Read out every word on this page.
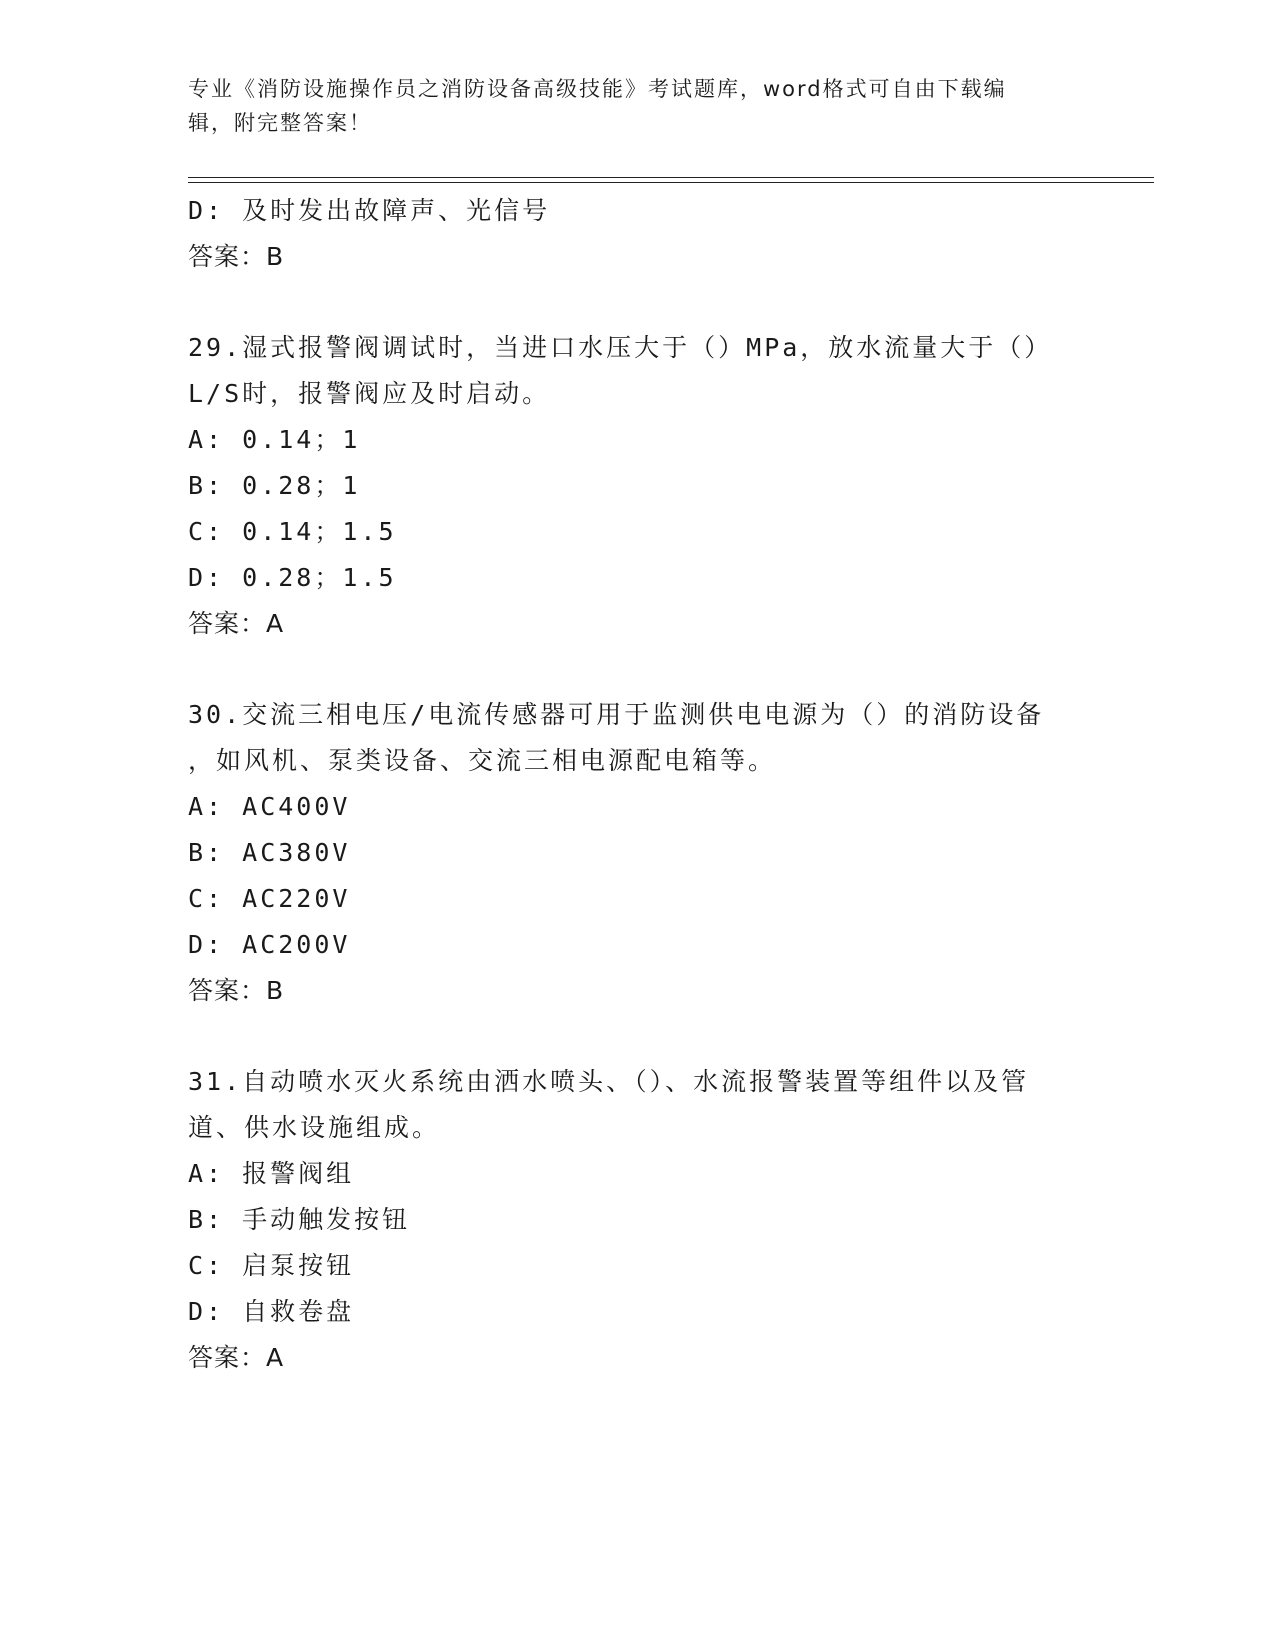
专业《消防设施操作员之消防设备高级技能》考试题库，word格式可自由下载编
辑，附完整答案！
D: 及时发出故障声、光信号
答案：B
29.湿式报警阀调试时，当进口水压大于（）MPa，放水流量大于（）
L/S时，报警阀应及时启动。
A: 0.14；1
B: 0.28；1
C: 0.14；1.5
D: 0.28；1.5
答案：A
30.交流三相电压/电流传感器可用于监测供电电源为（）的消防设备
，如风机、泵类设备、交流三相电源配电箱等。
A: AC400V
B: AC380V
C: AC220V
D: AC200V
答案：B
31.自动喷水灭火系统由洒水喷头、（）、水流报警装置等组件以及管
道、供水设施组成。
A: 报警阀组
B: 手动触发按钮
C: 启泵按钮
D: 自救卷盘
答案：A
